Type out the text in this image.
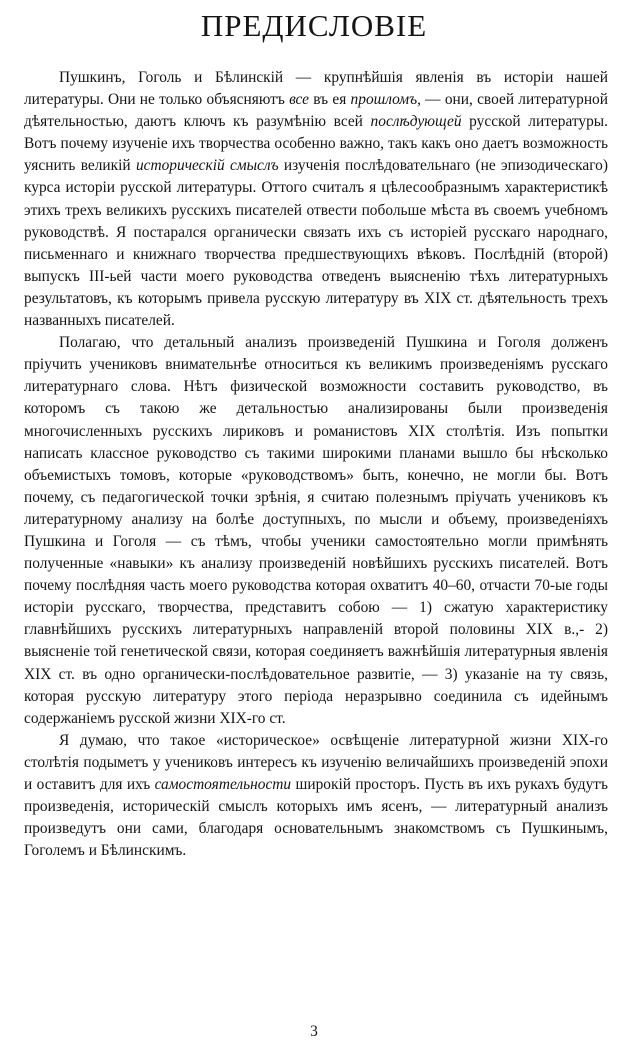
ПРЕДИСЛОВIЕ

Пушкинъ, Гоголь и Бѣлинскiй — крупнѣйшiя явленiя въ исторiи нашей литературы. Они не только объясняютъ все въ ея прошломъ, — они, своей литературной дѣятельностью, даютъ ключъ къ разумѣнiю всей послѣдующей русской литературы. Вотъ почему изученiе ихъ творчества особенно важно, такъ какъ оно даетъ возможность уяснить великiй историческiй смыслъ изученiя послѣдовательнаго (не эпизодическаго) курса исторiи русской литературы. Оттого считалъ я цѣлесообразнымъ характеристикѣ этихъ трехъ великихъ русскихъ писателей отвести побольше мѣста въ своемъ учебномъ руководствѣ. Я постарался органически связать ихъ съ исторiей русскаго народнаго, письменнаго и книжнаго творчества предшествующихъ вѣковъ. Послѣднiй (второй) выпускъ III-ьей части моего руководства отведенъ выясненiю тѣхъ литературныхъ результатовъ, къ которымъ привела русскую литературу въ XIX ст. дѣятельность трехъ названныхъ писателей.

Полагаю, что детальный анализъ произведенiй Пушкина и Гоголя долженъ прiучить учениковъ внимательнѣе относиться къ великимъ произведенiямъ русскаго литературнаго слова. Нѣтъ физической возможности составить руководство, въ которомъ съ такою же детальностью анализированы были произведенiя многочисленныхъ русскихъ лириковъ и романистовъ XIX столѣтiя. Изъ попытки написать классное руководство съ такими широкими планами вышло бы нѣсколько объемистыхъ томовъ, которые «руководствомъ» быть, конечно, не могли бы. Вотъ почему, съ педагогической точки зрѣнiя, я считаю полезнымъ прiучать учениковъ къ литературному анализу на болѣе доступныхъ, по мысли и объему, произведенiяхъ Пушкина и Гоголя — съ тѣмъ, чтобы ученики самостоятельно могли примѣнять полученные «навыки» къ анализу произведенiй новѣйшихъ русскихъ писателей. Вотъ почему послѣдняя часть моего руководства которая охватитъ 40–60, отчасти 70-ые годы исторiи русскаго, творчества, представитъ собою — 1) сжатую характеристику главнѣйшихъ русскихъ литературныхъ направленiй второй половины XIX в.,- 2) выясненiе той генетической связи, которая соединяетъ важнѣйшiя литературныя явленiя XIX ст. въ одно органически-послѣдовательное развитiе, — 3) указанiе на ту связь, которая русскую литературу этого перiода неразрывно соединила съ идейнымъ содержанiемъ русской жизни XIX-го ст.

Я думаю, что такое «историческое» освѣщенiе литературной жизни XIX-го столѣтiя подыметъ у учениковъ интересъ къ изученiю величайшихъ произведенiй эпохи и оставитъ для ихъ самостоятельности широкiй просторъ. Пусть въ ихъ рукахъ будутъ произведенiя, историческiй смыслъ которыхъ имъ ясенъ, — литературный анализъ произведутъ они сами, благодаря основательнымъ знакомствомъ съ Пушкинымъ, Гоголемъ и Бѣлинскимъ.

3
